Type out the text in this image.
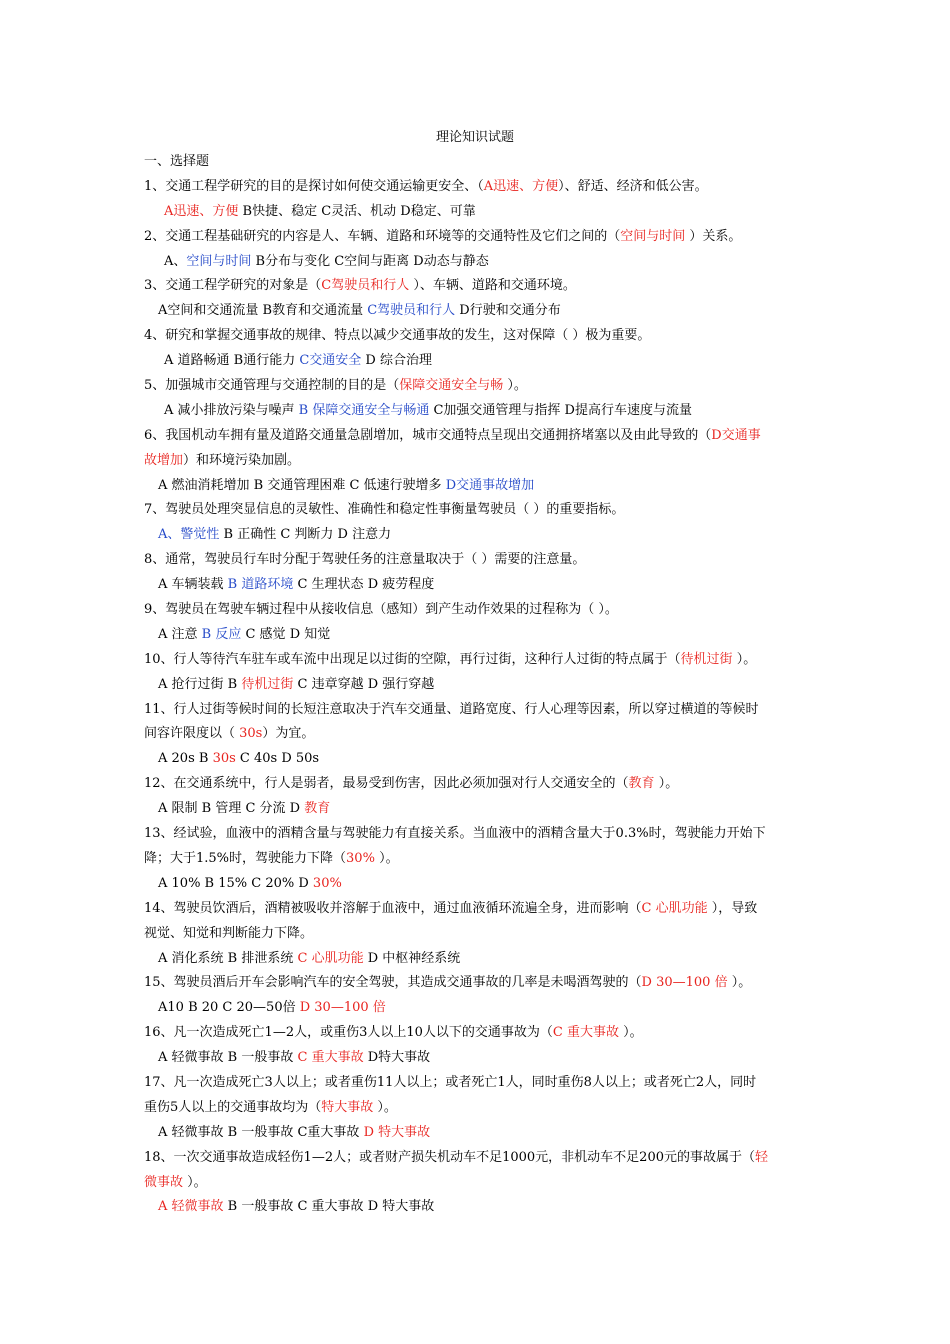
理论知识试题
一、选择题
1、交通工程学研究的目的是探讨如何使交通运输更安全、（A迅速、方便）、舒适、经济和低公害。
A迅速、方便 B快捷、稳定 C灵活、机动 D稳定、可靠
2、交通工程基础研究的内容是人、车辆、道路和环境等的交通特性及它们之间的（空间与时间 ）关系。
A、空间与时间 B分布与变化 C空间与距离 D动态与静态
3、交通工程学研究的对象是（C驾驶员和行人 ）、车辆、道路和交通环境。
A空间和交通流量 B教育和交通流量 C驾驶员和行人 D行驶和交通分布
4、研究和掌握交通事故的规律、特点以减少交通事故的发生，这对保障（ ）极为重要。
A 道路畅通 B通行能力 C交通安全 D 综合治理
5、加强城市交通管理与交通控制的目的是（保障交通安全与畅 ）。
A 减小排放污染与噪声 B 保障交通安全与畅通 C加强交通管理与指挥 D提高行车速度与流量
6、我国机动车拥有量及道路交通量急剧增加，城市交通特点呈现出交通拥挤堵塞以及由此导致的（D交通事
故增加）和环境污染加剧。
A 燃油消耗增加 B 交通管理困难 C 低速行驶增多 D交通事故增加
7、驾驶员处理突显信息的灵敏性、准确性和稳定性事衡量驾驶员（ ）的重要指标。
A、警觉性 B 正确性 C 判断力 D 注意力
8、通常，驾驶员行车时分配于驾驶任务的注意量取决于（ ）需要的注意量。
A 车辆装载 B 道路环境 C 生理状态 D 疲劳程度
9、驾驶员在驾驶车辆过程中从接收信息（感知）到产生动作效果的过程称为（ ）。
A 注意 B 反应 C 感觉 D 知觉
10、行人等待汽车驻车或车流中出现足以过街的空隙，再行过街，这种行人过街的特点属于（待机过街 ）。
A 抢行过街 B 待机过街 C 违章穿越 D 强行穿越
11、行人过街等候时间的长短注意取决于汽车交通量、道路宽度、行人心理等因素，所以穿过横道的等候时
间容许限度以（ 30s）为宜。
A 20s B 30s C 40s D 50s
12、在交通系统中，行人是弱者，最易受到伤害，因此必须加强对行人交通安全的（教育 ）。
A 限制 B 管理 C 分流 D 教育
13、经试验，血液中的酒精含量与驾驶能力有直接关系。当血液中的酒精含量大于0.3%时，驾驶能力开始下
降；大于1.5%时，驾驶能力下降（30% ）。
A 10% B 15% C 20% D 30%
14、驾驶员饮酒后，酒精被吸收并溶解于血液中，通过血液循环流遍全身，进而影响（C 心肌功能 ），导致
视觉、知觉和判断能力下降。
A 消化系统 B 排泄系统 C 心肌功能 D 中枢神经系统
15、驾驶员酒后开车会影响汽车的安全驾驶，其造成交通事故的几率是未喝酒驾驶的（D 30—100 倍 ）。
A10 B 20 C 20—50倍 D 30—100 倍
16、凡一次造成死亡1—2人，或重伤3人以上10人以下的交通事故为（C 重大事故 ）。
A 轻微事故 B 一般事故 C 重大事故 D特大事故
17、凡一次造成死亡3人以上；或者重伤11人以上；或者死亡1人，同时重伤8人以上；或者死亡2人，同时
重伤5人以上的交通事故均为（特大事故 ）。
A 轻微事故 B 一般事故 C重大事故 D 特大事故
18、一次交通事故造成轻伤1—2人；或者财产损失机动车不足1000元，非机动车不足200元的事故属于（轻
微事故 ）。
A 轻微事故 B 一般事故 C 重大事故 D 特大事故
